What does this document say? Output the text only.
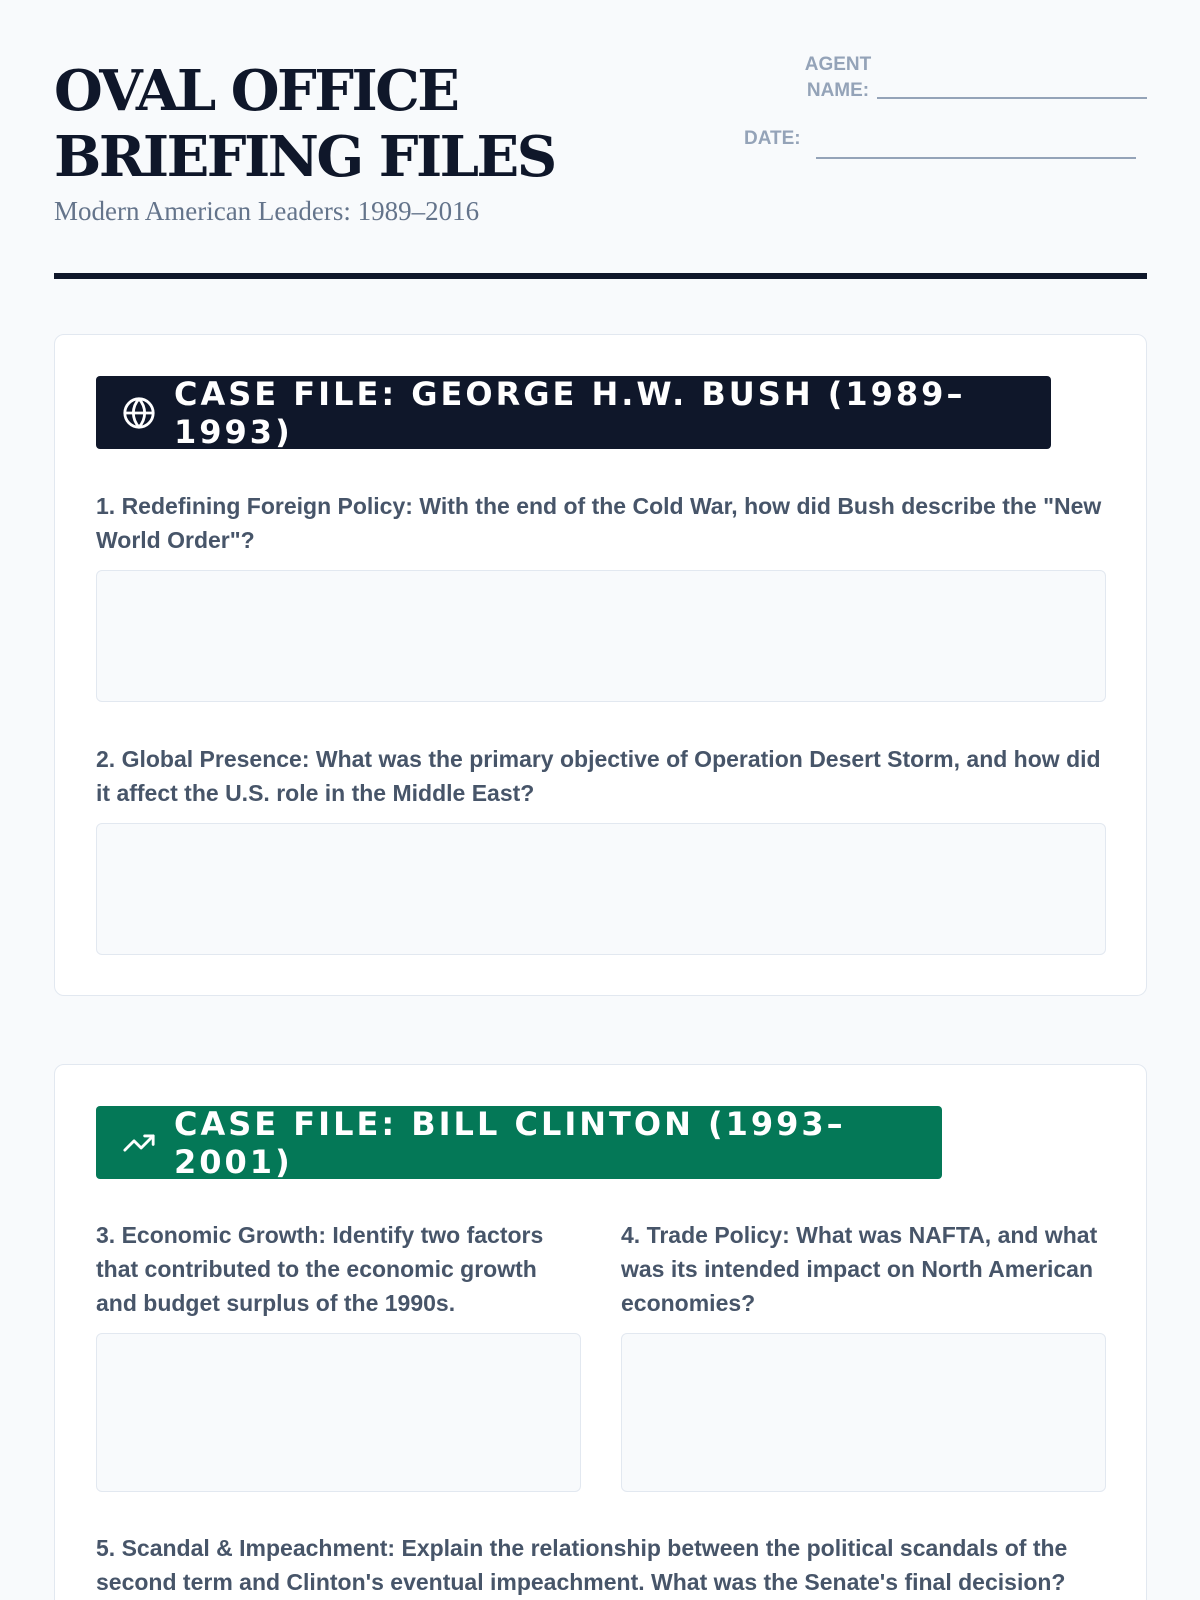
OVAL OFFICE BRIEFING FILES
Modern American Leaders: 1989–2016
AGENT
NAME:
DATE:
CASE FILE: GEORGE H.W. BUSH (1989–1993)
1. Redefining Foreign Policy: With the end of the Cold War, how did Bush describe the "New World Order"?
2. Global Presence: What was the primary objective of Operation Desert Storm, and how did it affect the U.S. role in the Middle East?
CASE FILE: BILL CLINTON (1993–2001)
3. Economic Growth: Identify two factors that contributed to the economic growth and budget surplus of the 1990s.
4. Trade Policy: What was NAFTA, and what was its intended impact on North American economies?
5. Scandal & Impeachment: Explain the relationship between the political scandals of the second term and Clinton's eventual impeachment. What was the Senate's final decision?
